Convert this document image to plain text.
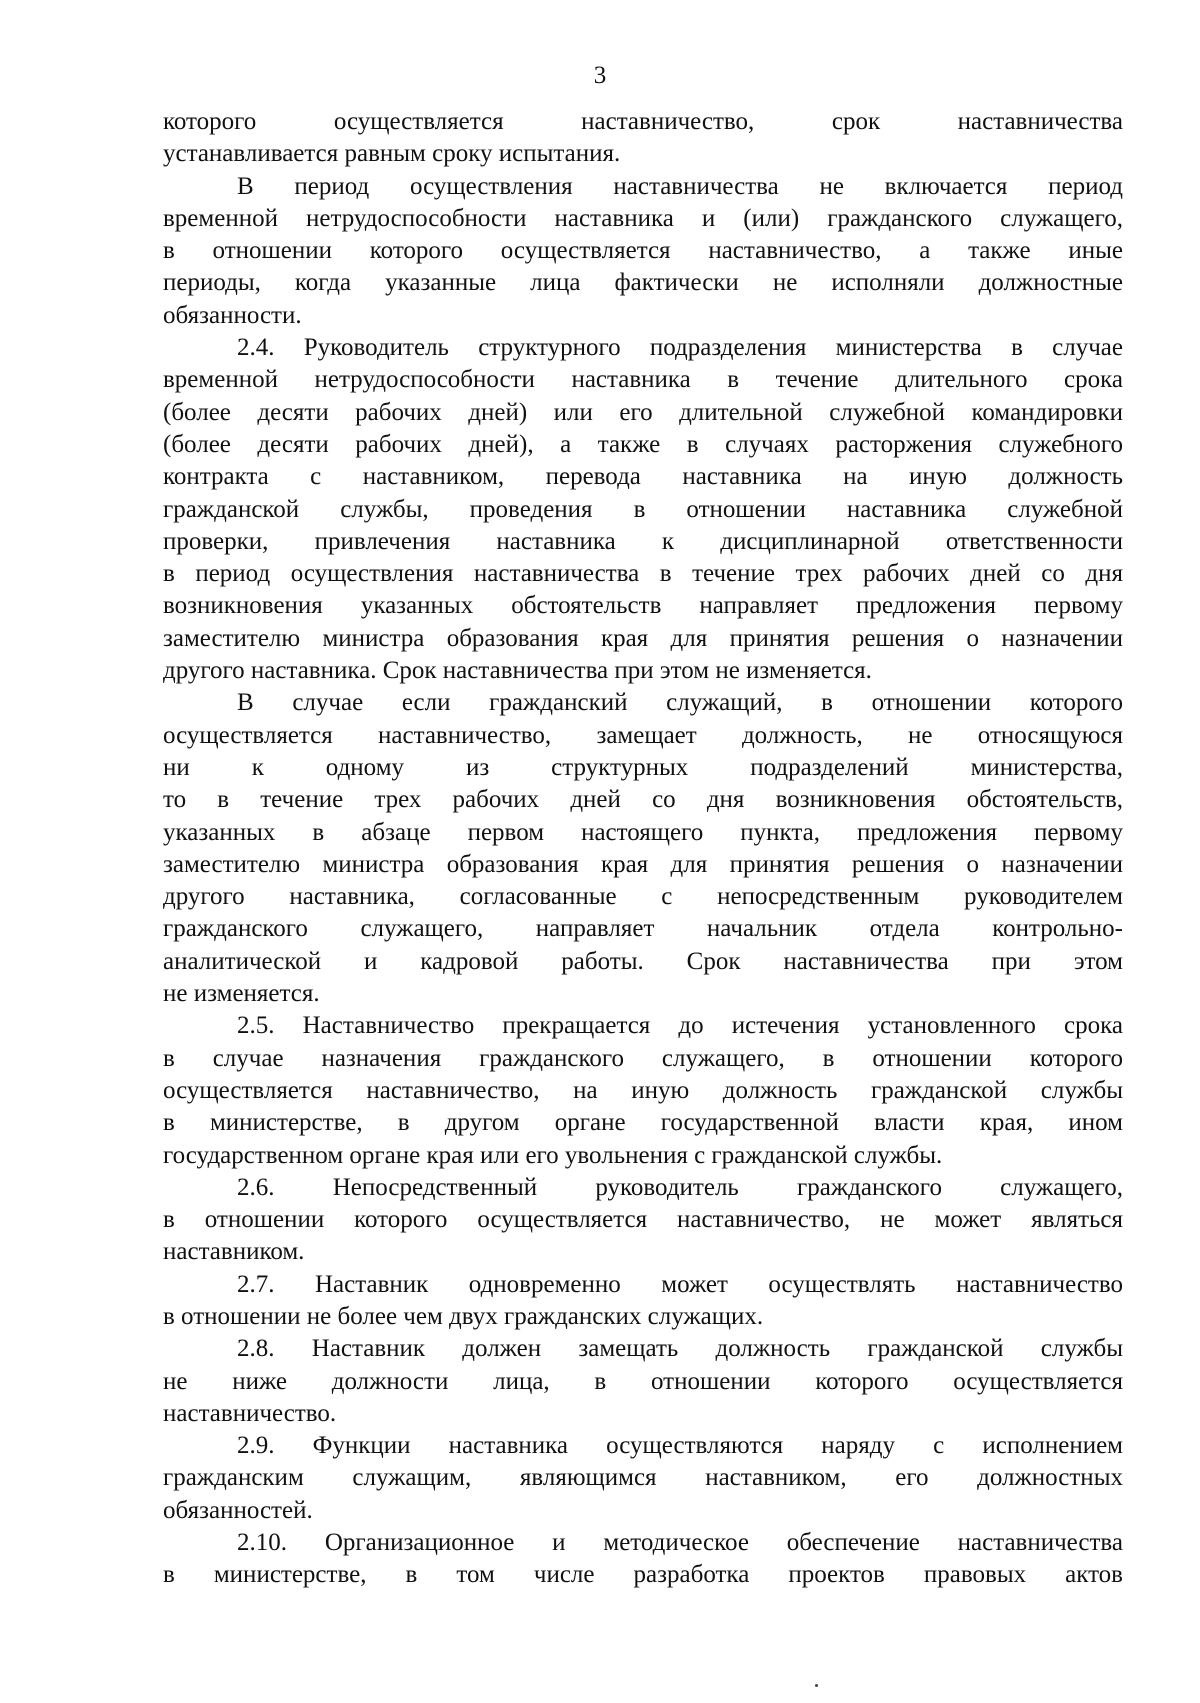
3

которого осуществляется наставничество, срок наставничества

устанавливается равным сроку испытания.

В период осуществления наставничества не включается период

временной нетрудоспособности наставника и (или) гражданского служащего,

в отношении которого осуществляется наставничество, а также иные

периоды, когда указанные лица фактически не исполняли должностные

обязанности.

2.4. Руководитель структурного подразделения министерства в случае

временной нетрудоспособности наставника в течение длительного срока

(более десяти рабочих дней) или его длительной служебной командировки

(более десяти рабочих дней), а также в случаях расторжения служебного

контракта с наставником, перевода наставника на иную должность

гражданской службы, проведения в отношении наставника служебной

проверки, привлечения наставника к дисциплинарной ответственности

в период осуществления наставничества в течение трех рабочих дней со дня

возникновения указанных обстоятельств направляет предложения первому

заместителю министра образования края для принятия решения о назначении

другого наставника. Срок наставничества при этом не изменяется.

В случае если гражданский служащий, в отношении которого

осуществляется наставничество, замещает должность, не относящуюся

ни к одному из структурных подразделений министерства,

то в течение трех рабочих дней со дня возникновения обстоятельств,

указанных в абзаце первом настоящего пункта, предложения первому

заместителю министра образования края для принятия решения о назначении

другого наставника, согласованные с непосредственным руководителем

гражданского служащего, направляет начальник отдела контрольно-

аналитической и кадровой работы. Срок наставничества при этом

не изменяется.

2.5. Наставничество прекращается до истечения установленного срока

в случае назначения гражданского служащего, в отношении которого

осуществляется наставничество, на иную должность гражданской службы

в министерстве, в другом органе государственной власти края, ином

государственном органе края или его увольнения с гражданской службы.

2.6. Непосредственный руководитель гражданского служащего,

в отношении которого осуществляется наставничество, не может являться

наставником.

2.7. Наставник одновременно может осуществлять наставничество

в отношении не более чем двух гражданских служащих.

2.8. Наставник должен замещать должность гражданской службы

не ниже должности лица, в отношении которого осуществляется

наставничество.

2.9. Функции наставника осуществляются наряду с исполнением

гражданским служащим, являющимся наставником, его должностных

обязанностей.

2.10. Организационное и методическое обеспечение наставничества

в министерстве, в том числе разработка проектов правовых актов
